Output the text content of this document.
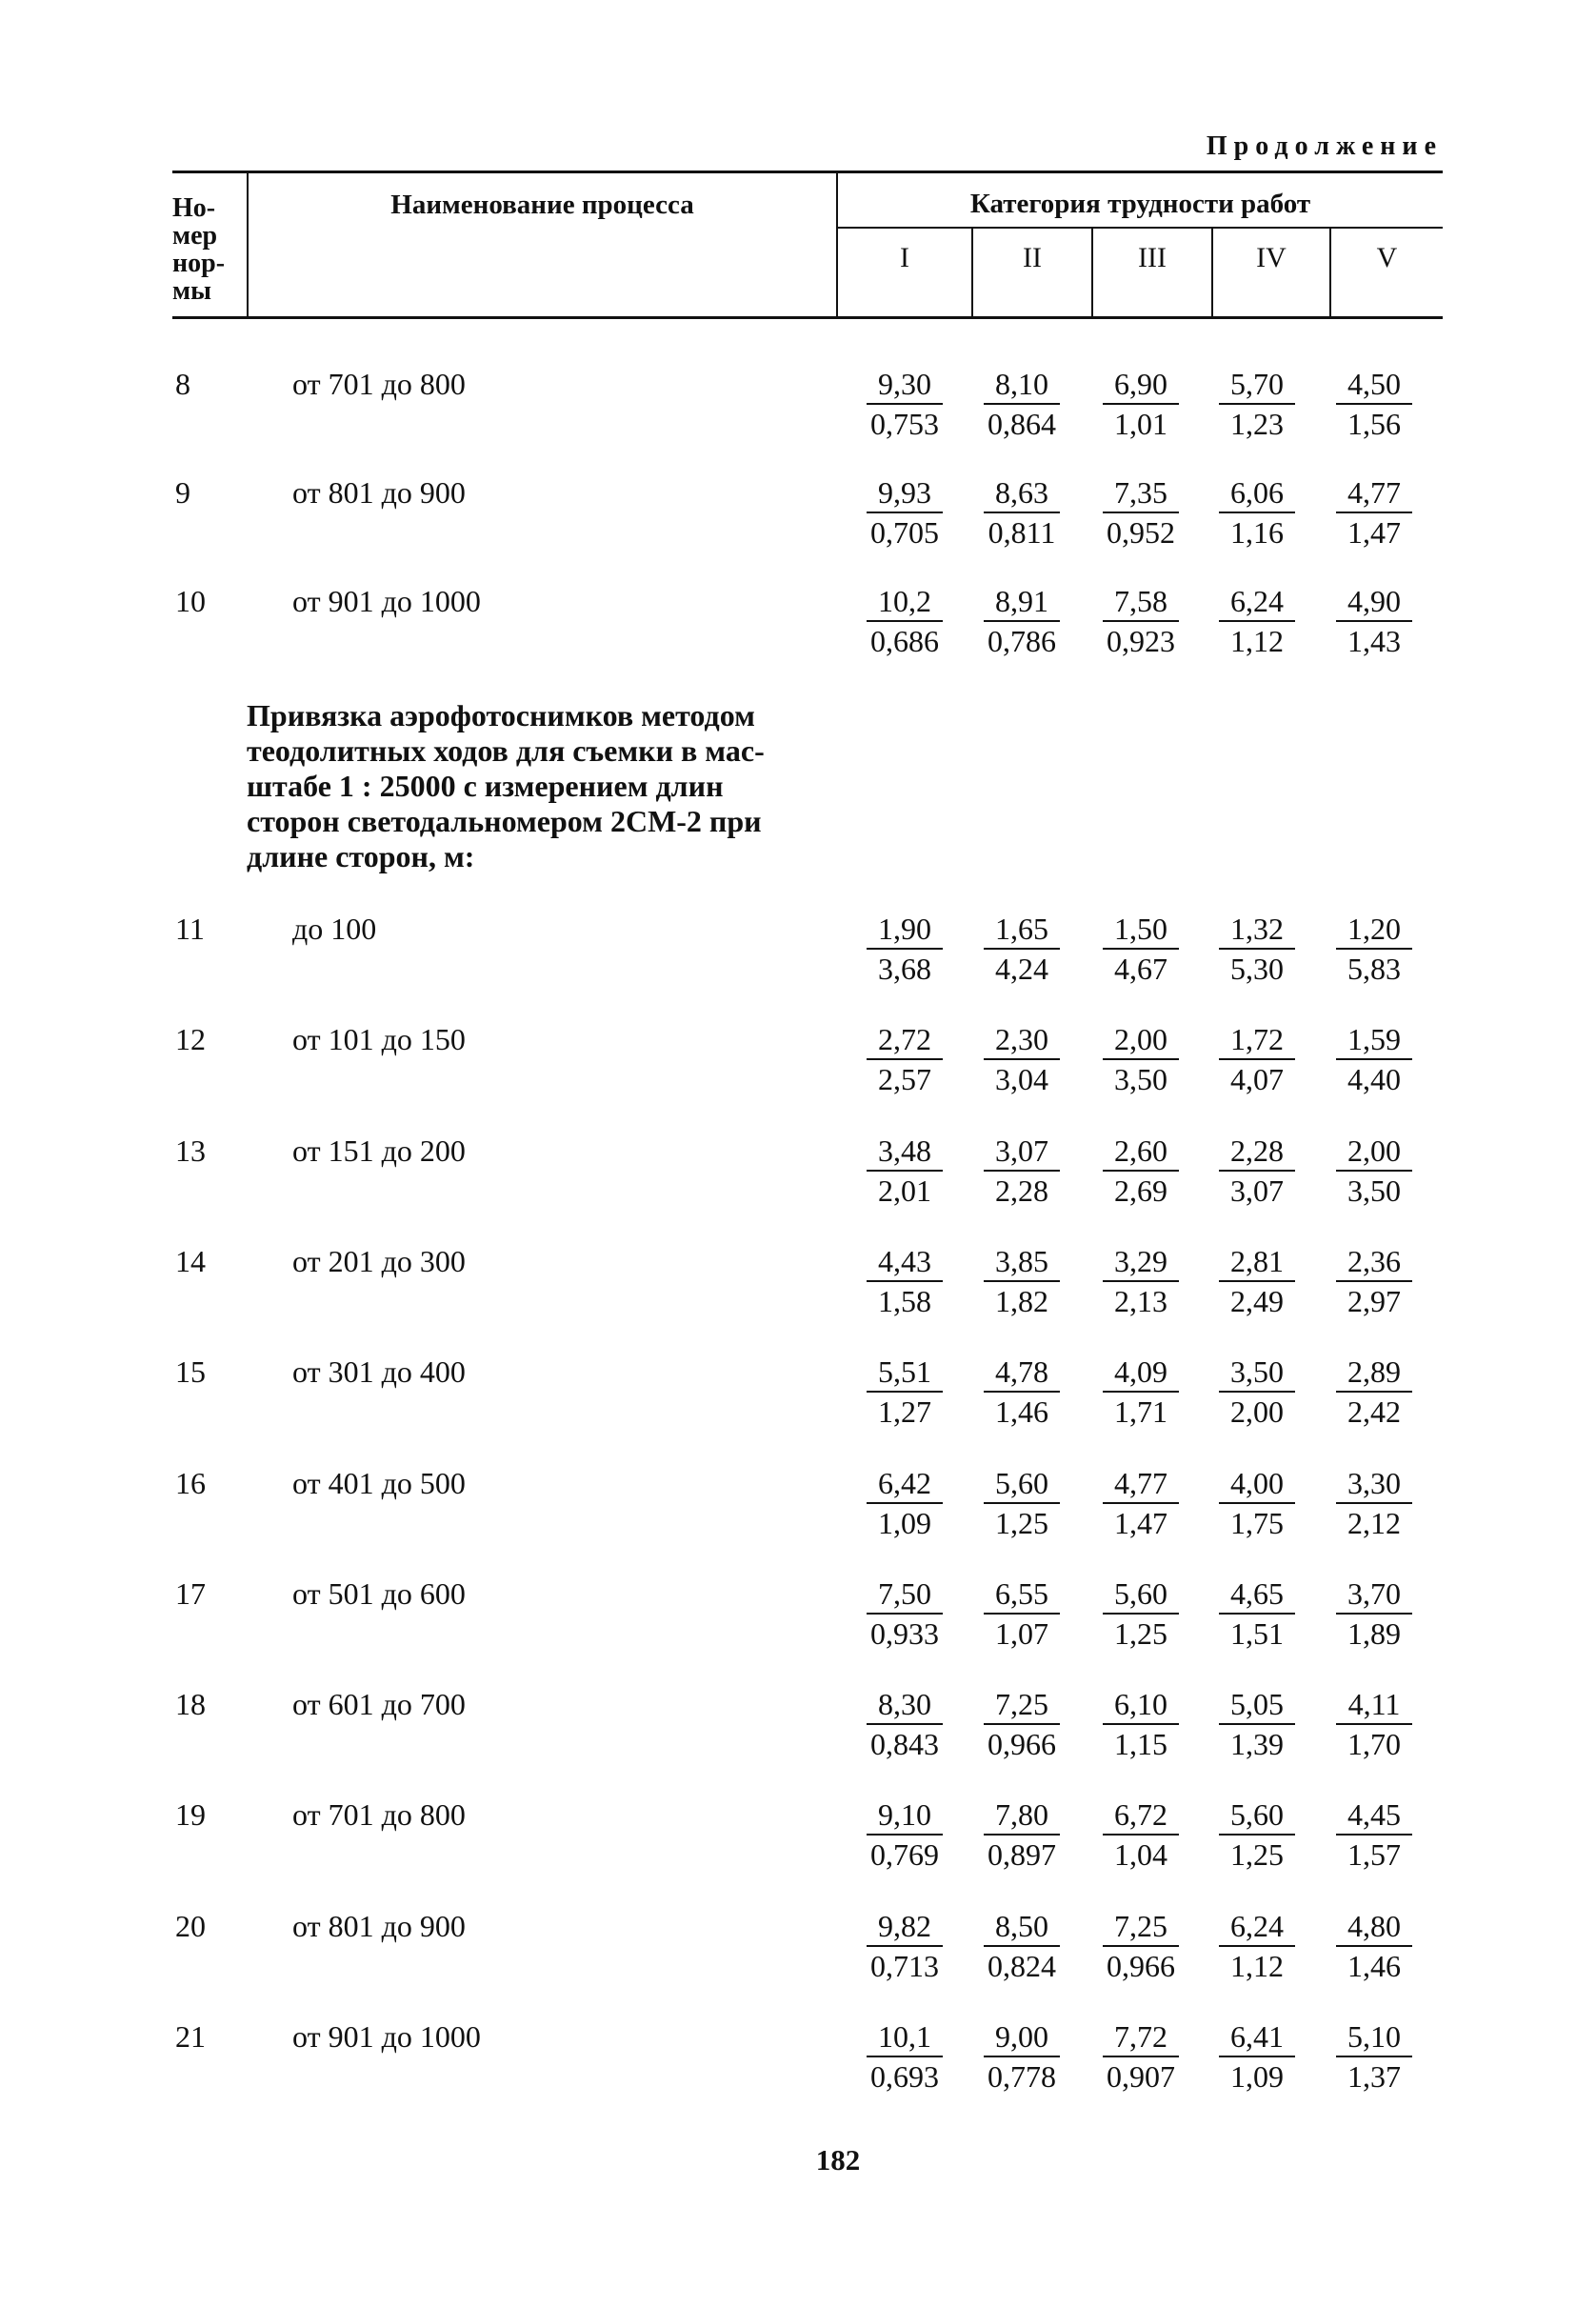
Продолжение
Но-
мер
нор-
мы
Наименование процесса	Категория трудности работ
I	II	III	IV	V
8	от 701 до 800	$\frac{9,30}{0,753} \frac{8,10}{0,864} \frac{6,90}{1,01} \frac{5,70}{1,23} \frac{4,50}{1,56}$
9	от 801 до 900	$\frac{9,93}{0,705} \frac{8,63}{0,811} \frac{7,35}{0,952} \frac{6,06}{1,16} \frac{4,77}{1,47}$
10	от 901 до 1000	$\frac{10,2}{0,686} \frac{8,91}{0,786} \frac{7,58}{0,923} \frac{6,24}{1,12} \frac{4,90}{1,43}$
Привязка аэрофотоснимков методом
теодолитных ходов для съемки в мас-
штабе 1 : 25000 с измерением длин
сторон светодальномером 2СМ-2 при
длине сторон, м:
11	до 100	$\frac{1,90}{3,68} \frac{1,65}{4,24} \frac{1,50}{4,67} \frac{1,32}{5,30} \frac{1,20}{5,83}$
12	от 101 до 150	$\frac{2,72}{2,57} \frac{2,30}{3,04} \frac{2,00}{3,50} \frac{1,72}{4,07} \frac{1,59}{4,40}$
13	от 151 до 200	$\frac{3,48}{2,01} \frac{3,07}{2,28} \frac{2,60}{2,69} \frac{2,28}{3,07} \frac{2,00}{3,50}$
14	от 201 до 300	$\frac{4,43}{1,58} \frac{3,85}{1,82} \frac{3,29}{2,13} \frac{2,81}{2,49} \frac{2,36}{2,97}$
15	от 301 до 400	$\frac{5,51}{1,27} \frac{4,78}{1,46} \frac{4,09}{1,71} \frac{3,50}{2,00} \frac{2,89}{2,42}$
16	от 401 до 500	$\frac{6,42}{1,09} \frac{5,60}{1,25} \frac{4,77}{1,47} \frac{4,00}{1,75} \frac{3,30}{2,12}$
17	от 501 до 600	$\frac{7,50}{0,933} \frac{6,55}{1,07} \frac{5,60}{1,25} \frac{4,65}{1,51} \frac{3,70}{1,89}$
18	от 601 до 700	$\frac{8,30}{0,843} \frac{7,25}{0,966} \frac{6,10}{1,15} \frac{5,05}{1,39} \frac{4,11}{1,70}$
19	от 701 до 800	$\frac{9,10}{0,769} \frac{7,80}{0,897} \frac{6,72}{1,04} \frac{5,60}{1,25} \frac{4,45}{1,57}$
20	от 801 до 900	$\frac{9,82}{0,713} \frac{8,50}{0,824} \frac{7,25}{0,966} \frac{6,24}{1,12} \frac{4,80}{1,46}$
21	от 901 до 1000	$\frac{10,1}{0,693} \frac{9,00}{0,778} \frac{7,72}{0,907} \frac{6,41}{1,09} \frac{5,10}{1,37}$
182
